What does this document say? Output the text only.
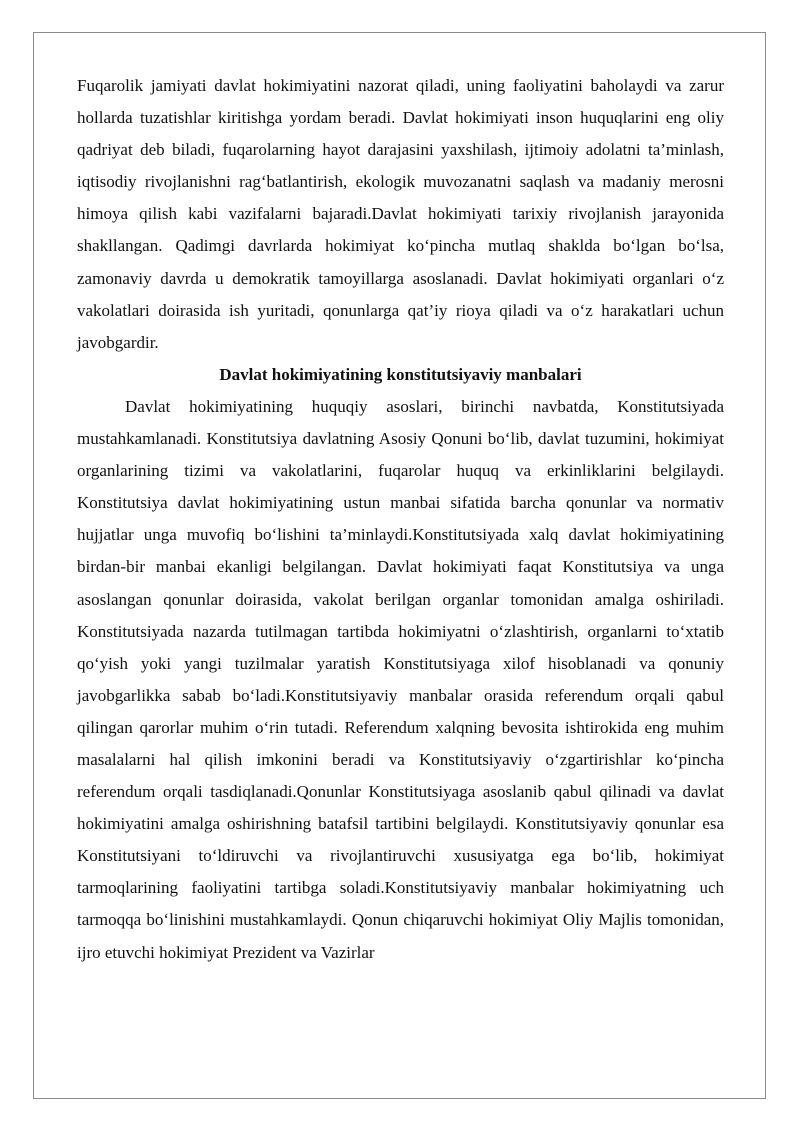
Fuqarolik jamiyati davlat hokimiyatini nazorat qiladi, uning faoliyatini baholaydi va zarur hollarda tuzatishlar kiritishga yordam beradi. Davlat hokimiyati inson huquqlarini eng oliy qadriyat deb biladi, fuqarolarning hayot darajasini yaxshilash, ijtimoiy adolatni ta’minlash, iqtisodiy rivojlanishni rag‘batlantirish, ekologik muvozanatni saqlash va madaniy merosni himoya qilish kabi vazifalarni bajaradi.Davlat hokimiyati tarixiy rivojlanish jarayonida shakllangan. Qadimgi davrlarda hokimiyat ko‘pincha mutlaq shaklda bo‘lgan bo‘lsa, zamonaviy davrda u demokratik tamoyillarga asoslanadi. Davlat hokimiyati organlari o‘z vakolatlari doirasida ish yuritadi, qonunlarga qat’iy rioya qiladi va o‘z harakatlari uchun javobgardir.

Davlat hokimiyatining konstitutsiyaviy manbalari

Davlat hokimiyatining huquqiy asoslari, birinchi navbatda, Konstitutsiyada mustahkamlanadi. Konstitutsiya davlatning Asosiy Qonuni bo‘lib, davlat tuzumini, hokimiyat organlarining tizimi va vakolatlarini, fuqarolar huquq va erkinliklarini belgilaydi. Konstitutsiya davlat hokimiyatining ustun manbai sifatida barcha qonunlar va normativ hujjatlar unga muvofiq bo‘lishini ta’minlaydi.Konstitutsiyada xalq davlat hokimiyatining birdan-bir manbai ekanligi belgilangan. Davlat hokimiyati faqat Konstitutsiya va unga asoslangan qonunlar doirasida, vakolat berilgan organlar tomonidan amalga oshiriladi. Konstitutsiyada nazarda tutilmagan tartibda hokimiyatni o‘zlashtirish, organlarni to‘xtatib qo‘yish yoki yangi tuzilmalar yaratish Konstitutsiyaga xilof hisoblanadi va qonuniy javobgarlikka sabab bo‘ladi.Konstitutsiyaviy manbalar orasida referendum orqali qabul qilingan qarorlar muhim o‘rin tutadi. Referendum xalqning bevosita ishtirokida eng muhim masalalarni hal qilish imkonini beradi va Konstitutsiyaviy o‘zgartirishlar ko‘pincha referendum orqali tasdiqlanadi.Qonunlar Konstitutsiyaga asoslanib qabul qilinadi va davlat hokimiyatini amalga oshirishning batafsil tartibini belgilaydi. Konstitutsiyaviy qonunlar esa Konstitutsiyani to‘ldiruvchi va rivojlantiruvchi xususiyatga ega bo‘lib, hokimiyat tarmoqlarining faoliyatini tartibga soladi.Konstitutsiyaviy manbalar hokimiyatning uch tarmoqqa bo‘linishini mustahkamlaydi. Qonun chiqaruvchi hokimiyat Oliy Majlis tomonidan, ijro etuvchi hokimiyat Prezident va Vazirlar
